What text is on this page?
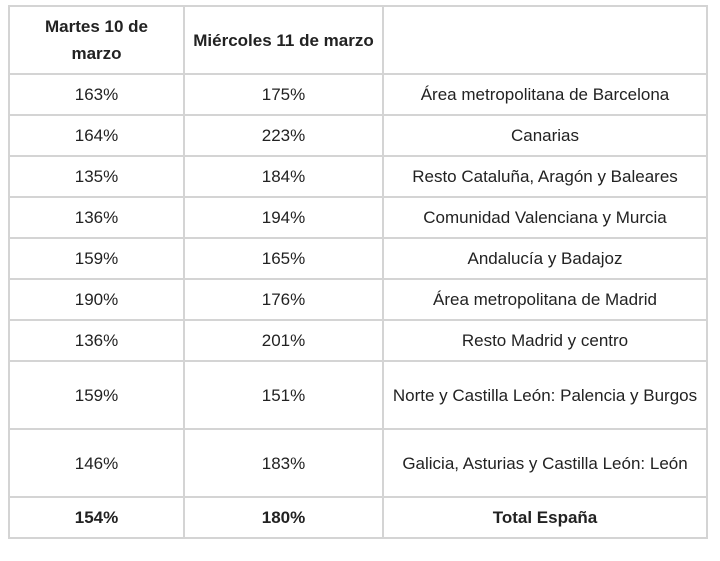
Martes 10 de marzo	Miércoles 11 de marzo	
163%	175%	Área metropolitana de Barcelona
164%	223%	Canarias
135%	184%	Resto Cataluña, Aragón y Baleares
136%	194%	Comunidad Valenciana y Murcia
159%	165%	Andalucía y Badajoz
190%	176%	Área metropolitana de Madrid
136%	201%	Resto Madrid y centro
159%	151%	Norte y Castilla León: Palencia y Burgos
146%	183%	Galicia, Asturias y Castilla León: León
154%	180%	Total España
